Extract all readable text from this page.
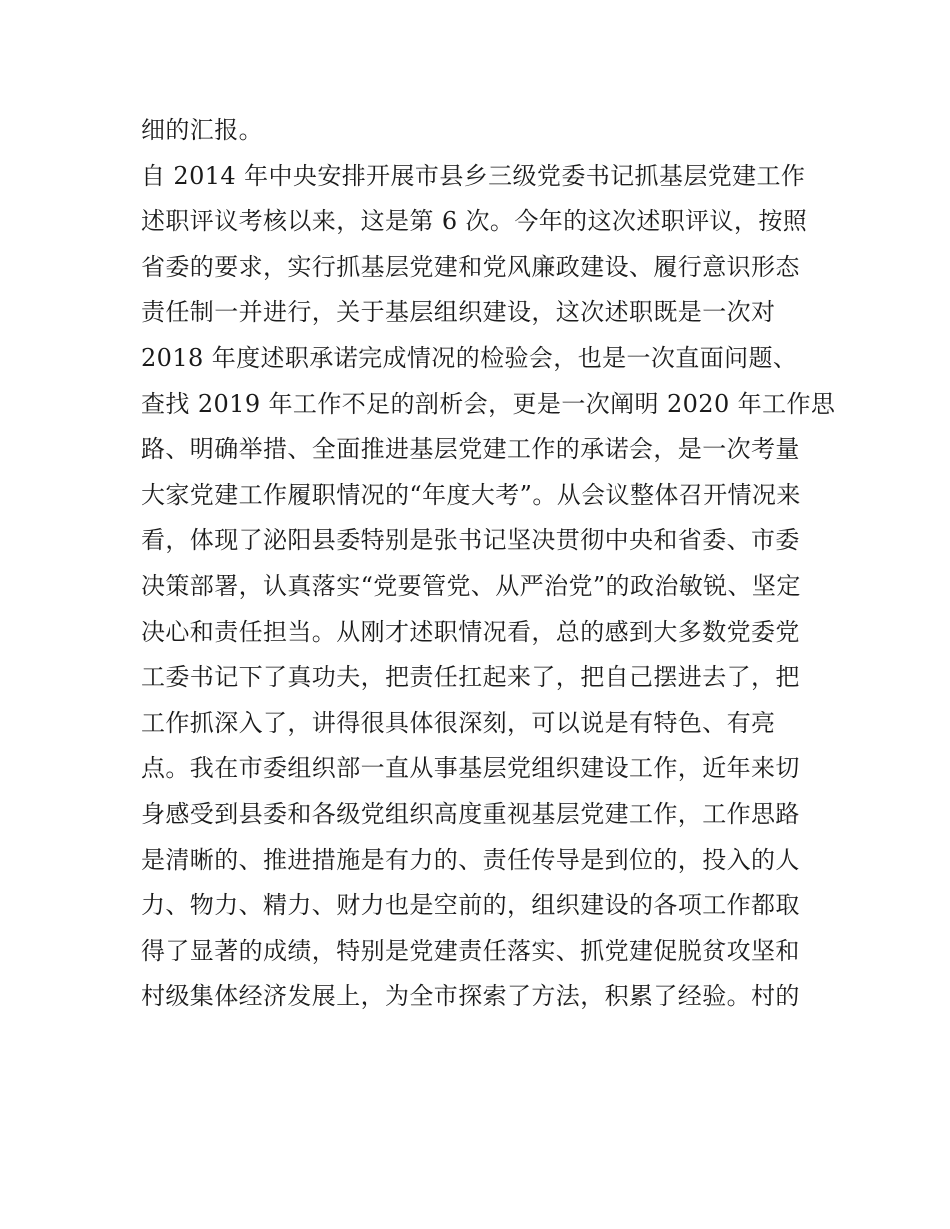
细的汇报。
自 2014 年中央安排开展市县乡三级党委书记抓基层党建工作
述职评议考核以来，这是第 6 次。今年的这次述职评议，按照
省委的要求，实行抓基层党建和党风廉政建设、履行意识形态
责任制一并进行，关于基层组织建设，这次述职既是一次对
2018 年度述职承诺完成情况的检验会，也是一次直面问题、
查找 2019 年工作不足的剖析会，更是一次阐明 2020 年工作思
路、明确举措、全面推进基层党建工作的承诺会，是一次考量
大家党建工作履职情况的“年度大考”。从会议整体召开情况来
看，体现了泌阳县委特别是张书记坚决贯彻中央和省委、市委
决策部署，认真落实“党要管党、从严治党”的政治敏锐、坚定
决心和责任担当。从刚才述职情况看，总的感到大多数党委党
工委书记下了真功夫，把责任扛起来了，把自己摆进去了，把
工作抓深入了，讲得很具体很深刻，可以说是有特色、有亮
点。我在市委组织部一直从事基层党组织建设工作，近年来切
身感受到县委和各级党组织高度重视基层党建工作，工作思路
是清晰的、推进措施是有力的、责任传导是到位的，投入的人
力、物力、精力、财力也是空前的，组织建设的各项工作都取
得了显著的成绩，特别是党建责任落实、抓党建促脱贫攻坚和
村级集体经济发展上，为全市探索了方法，积累了经验。村的
